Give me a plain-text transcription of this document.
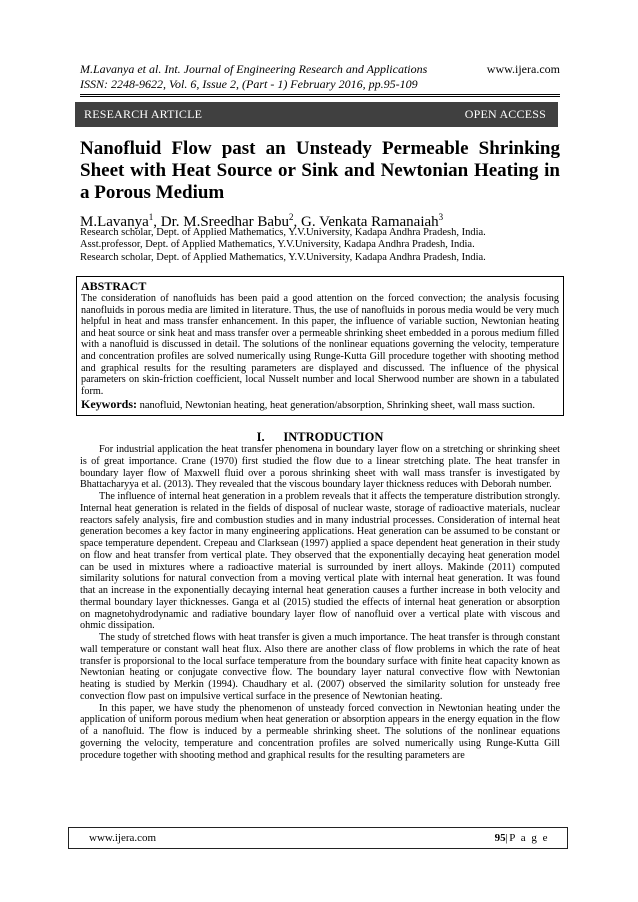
M.Lavanya et al. Int. Journal of Engineering Research and Applications	www.ijera.com
ISSN: 2248-9622, Vol. 6, Issue 2, (Part - 1) February 2016, pp.95-109
RESEARCH ARTICLE	OPEN ACCESS
Nanofluid Flow past an Unsteady Permeable Shrinking Sheet with Heat Source or Sink and Newtonian Heating in a Porous Medium
M.Lavanya$^1$, Dr. M.Sreedhar Babu$^2$, G. Venkata Ramanaiah$^3$
Research scholar, Dept. of Applied Mathematics, Y.V.University, Kadapa Andhra Pradesh, India.
Asst.professor, Dept. of Applied Mathematics, Y.V.University, Kadapa Andhra Pradesh, India.
Research scholar, Dept. of Applied Mathematics, Y.V.University, Kadapa Andhra Pradesh, India.
ABSTRACT
The consideration of nanofluids has been paid a good attention on the forced convection; the analysis focusing nanofluids in porous media are limited in literature. Thus, the use of nanofluids in porous media would be very much helpful in heat and mass transfer enhancement. In this paper, the influence of variable suction, Newtonian heating and heat source or sink heat and mass transfer over a permeable shrinking sheet embedded in a porous medium filled with a nanofluid is discussed in detail. The solutions of the nonlinear equations governing the velocity, temperature and concentration profiles are solved numerically using Runge-Kutta Gill procedure together with shooting method and graphical results for the resulting parameters are displayed and discussed. The influence of the physical parameters on skin-friction coefficient, local Nusselt number and local Sherwood number are shown in a tabulated form.
Keywords: nanofluid, Newtonian heating, heat generation/absorption, Shrinking sheet, wall mass suction.
I. INTRODUCTION

For industrial application the heat transfer phenomena in boundary layer flow on a stretching or shrinking sheet is of great importance. Crane (1970) first studied the flow due to a linear stretching plate. The heat transfer in boundary layer flow of Maxwell fluid over a porous shrinking sheet with wall mass transfer is investigated by Bhattacharyya et al. (2013). They revealed that the viscous boundary layer thickness reduces with Deborah number.

The influence of internal heat generation in a problem reveals that it affects the temperature distribution strongly. Internal heat generation is related in the fields of disposal of nuclear waste, storage of radioactive materials, nuclear reactors safely analysis, fire and combustion studies and in many industrial processes. Consideration of internal heat generation becomes a key factor in many engineering applications. Heat generation can be assumed to be constant or space temperature dependent. Crepeau and Clarksean (1997) applied a space dependent heat generation in their study on flow and heat transfer from vertical plate. They observed that the exponentially decaying heat generation model can be used in mixtures where a radioactive material is surrounded by inert alloys. Makinde (2011) computed similarity solutions for natural convection from a moving vertical plate with internal heat generation. It was found that an increase in the exponentially decaying internal heat generation causes a further increase in both velocity and thermal boundary layer thicknesses. Ganga et al (2015) studied the effects of internal heat generation or absorption on magnetohydrodynamic and radiative boundary layer flow of nanofluid over a vertical plate with viscous and ohmic dissipation.

The study of stretched flows with heat transfer is given a much importance. The heat transfer is through constant wall temperature or constant wall heat flux. Also there are another class of flow problems in which the rate of heat transfer is proporsional to the local surface temperature from the boundary surface with finite heat capacity known as Newtonian heating or conjugate convective flow. The boundary layer natural convective flow with Newtonian heating is studied by Merkin (1994). Chaudhary et al. (2007) observed the similarity solution for unsteady free convection flow past on impulsive vertical surface in the presence of Newtonian heating.

In this paper, we have study the phenomenon of unsteady forced convection in Newtonian heating under the application of uniform porous medium when heat generation or absorption appears in the energy equation in the flow of a nanofluid. The flow is induced by a permeable shrinking sheet. The solutions of the nonlinear equations governing the velocity, temperature and concentration profiles are solved numerically using Runge-Kutta Gill procedure together with shooting method and graphical results for the resulting parameters are

www.ijera.com	95|P a g e
